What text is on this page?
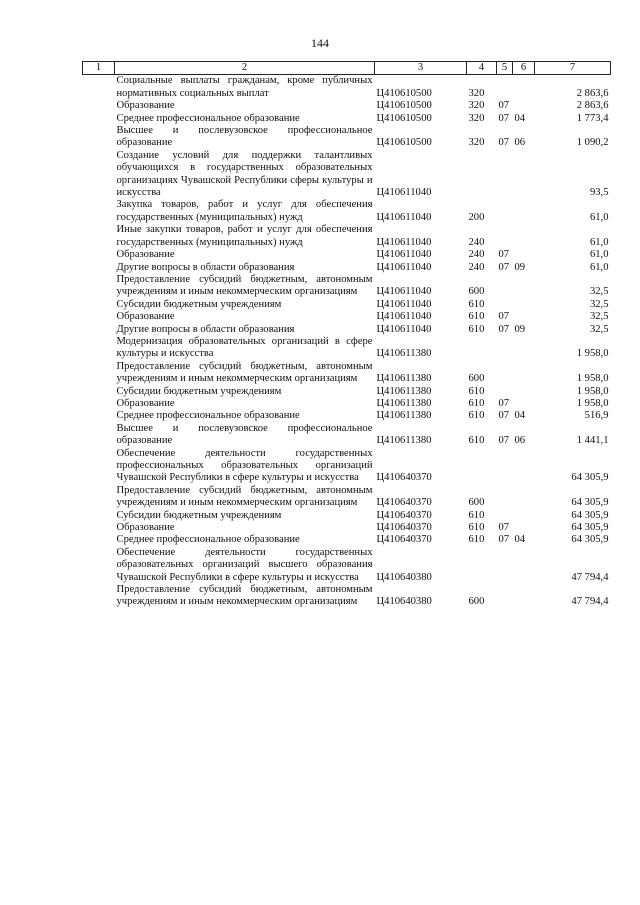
144
1	2	3	4	5	6	7
	Социальные выплаты гражданам, кроме публичных нормативных социальных выплат	Ц410610500	320			2 863,6
	Образование	Ц410610500	320	07		2 863,6
	Среднее профессиональное образование	Ц410610500	320	07	04	1 773,4
	Высшее и послевузовское профессиональное образование	Ц410610500	320	07	06	1 090,2
	Создание условий для поддержки талантливых обучающихся в государственных образовательных организациях Чувашской Республики сферы культуры и искусства	Ц410611040				93,5
	Закупка товаров, работ и услуг для обеспечения государственных (муниципальных) нужд	Ц410611040	200			61,0
	Иные закупки товаров, работ и услуг для обеспечения государственных (муниципальных) нужд	Ц410611040	240			61,0
	Образование	Ц410611040	240	07		61,0
	Другие вопросы в области образования	Ц410611040	240	07	09	61,0
	Предоставление субсидий бюджетным, автономным учреждениям и иным некоммерческим организациям	Ц410611040	600			32,5
	Субсидии бюджетным учреждениям	Ц410611040	610			32,5
	Образование	Ц410611040	610	07		32,5
	Другие вопросы в области образования	Ц410611040	610	07	09	32,5
	Модернизация образовательных организаций в сфере культуры и искусства	Ц410611380				1 958,0
	Предоставление субсидий бюджетным, автономным учреждениям и иным некоммерческим организациям	Ц410611380	600			1 958,0
	Субсидии бюджетным учреждениям	Ц410611380	610			1 958,0
	Образование	Ц410611380	610	07		1 958,0
	Среднее профессиональное образование	Ц410611380	610	07	04	516,9
	Высшее и послевузовское профессиональное образование	Ц410611380	610	07	06	1 441,1
	Обеспечение деятельности государственных профессиональных образовательных организаций Чувашской Республики в сфере культуры и искусства	Ц410640370				64 305,9
	Предоставление субсидий бюджетным, автономным учреждениям и иным некоммерческим организациям	Ц410640370	600			64 305,9
	Субсидии бюджетным учреждениям	Ц410640370	610			64 305,9
	Образование	Ц410640370	610	07		64 305,9
	Среднее профессиональное образование	Ц410640370	610	07	04	64 305,9
	Обеспечение деятельности государственных образовательных организаций высшего образования Чувашской Республики в сфере культуры и искусства	Ц410640380				47 794,4
	Предоставление субсидий бюджетным, автономным учреждениям и иным некоммерческим организациям	Ц410640380	600			47 794,4
